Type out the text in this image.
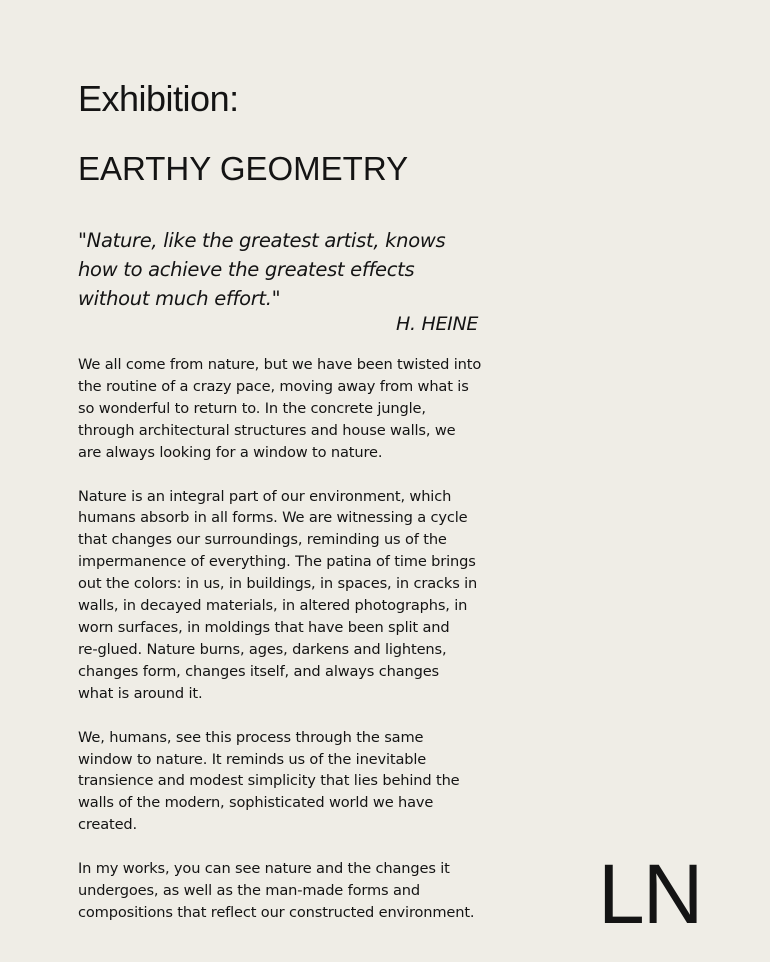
Exhibition:
EARTHY GEOMETRY
"Nature, like the greatest artist, knows
how to achieve the greatest effects
without much effort."

H. HEINE

We all come from nature, but we have been twisted into
the routine of a crazy pace, moving away from what is
so wonderful to return to. In the concrete jungle,
through architectural structures and house walls, we
are always looking for a window to nature.

Nature is an integral part of our environment, which
humans absorb in all forms. We are witnessing a cycle
that changes our surroundings, reminding us of the
impermanence of everything. The patina of time brings
out the colors: in us, in buildings, in spaces, in cracks in
walls, in decayed materials, in altered photographs, in
worn surfaces, in moldings that have been split and
re-glued. Nature burns, ages, darkens and lightens,
changes form, changes itself, and always changes
what is around it.

We, humans, see this process through the same
window to nature. It reminds us of the inevitable
transience and modest simplicity that lies behind the
walls of the modern, sophisticated world we have
created.

In my works, you can see nature and the changes it
undergoes, as well as the man-made forms and
compositions that reflect our constructed environment.	LN
